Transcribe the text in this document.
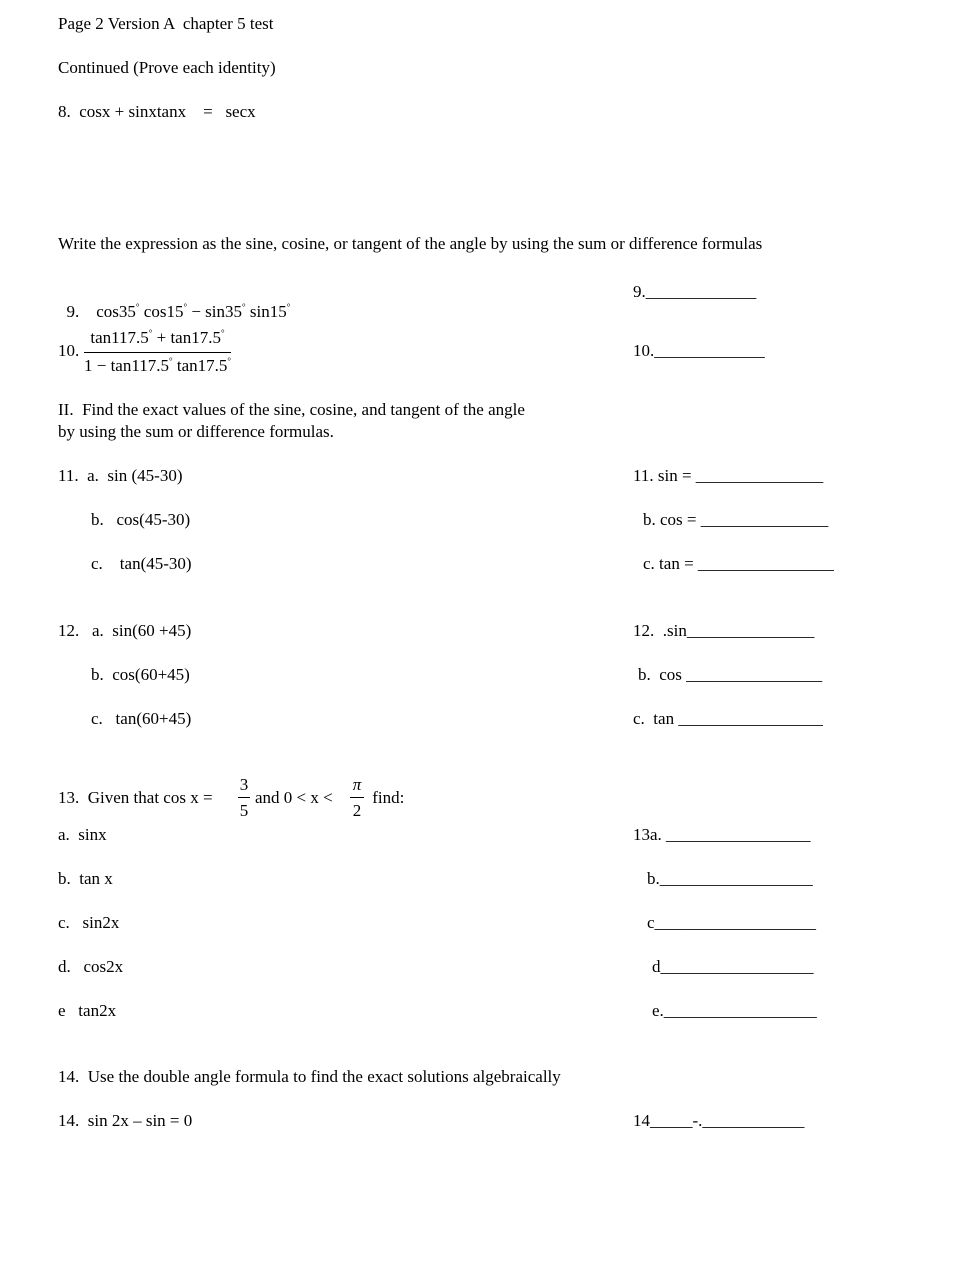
Page 2 Version A  chapter 5 test
Continued (Prove each identity)
8.  cosx + sinxtanx    =   secx
Write the expression as the sine, cosine, or tangent of the angle by using the sum or difference formulas

9. cos35° cos15° − sin35° sin15°

9._____________
10.
tan117.5° + tan17.5°
1 − tan117.5° tan17.5°
10._____________
II.  Find the exact values of the sine, cosine, and tangent of the angle
by using the sum or difference formulas.
11.  a.  sin (45-30)
b.   cos(45-30)
c.    tan(45-30)
11. sin = _______________
b. cos = _______________
c. tan = ________________
12.   a.  sin(60 +45)
b.  cos(60+45)
c.   tan(60+45)
12.  .sin_______________
b.  cos ________________
c.  tan _________________
13.  Given that cos x =
3
5
and 0 < x <
π
2
find:
a.  sinx
b.  tan x
c.   sin2x
d.   cos2x
e   tan2x
13a. _________________
b.__________________
c___________________
d__________________
e.__________________
14.  Use the double angle formula to find the exact solutions algebraically
14.  sin 2x – sin = 0	14_____-.____________
